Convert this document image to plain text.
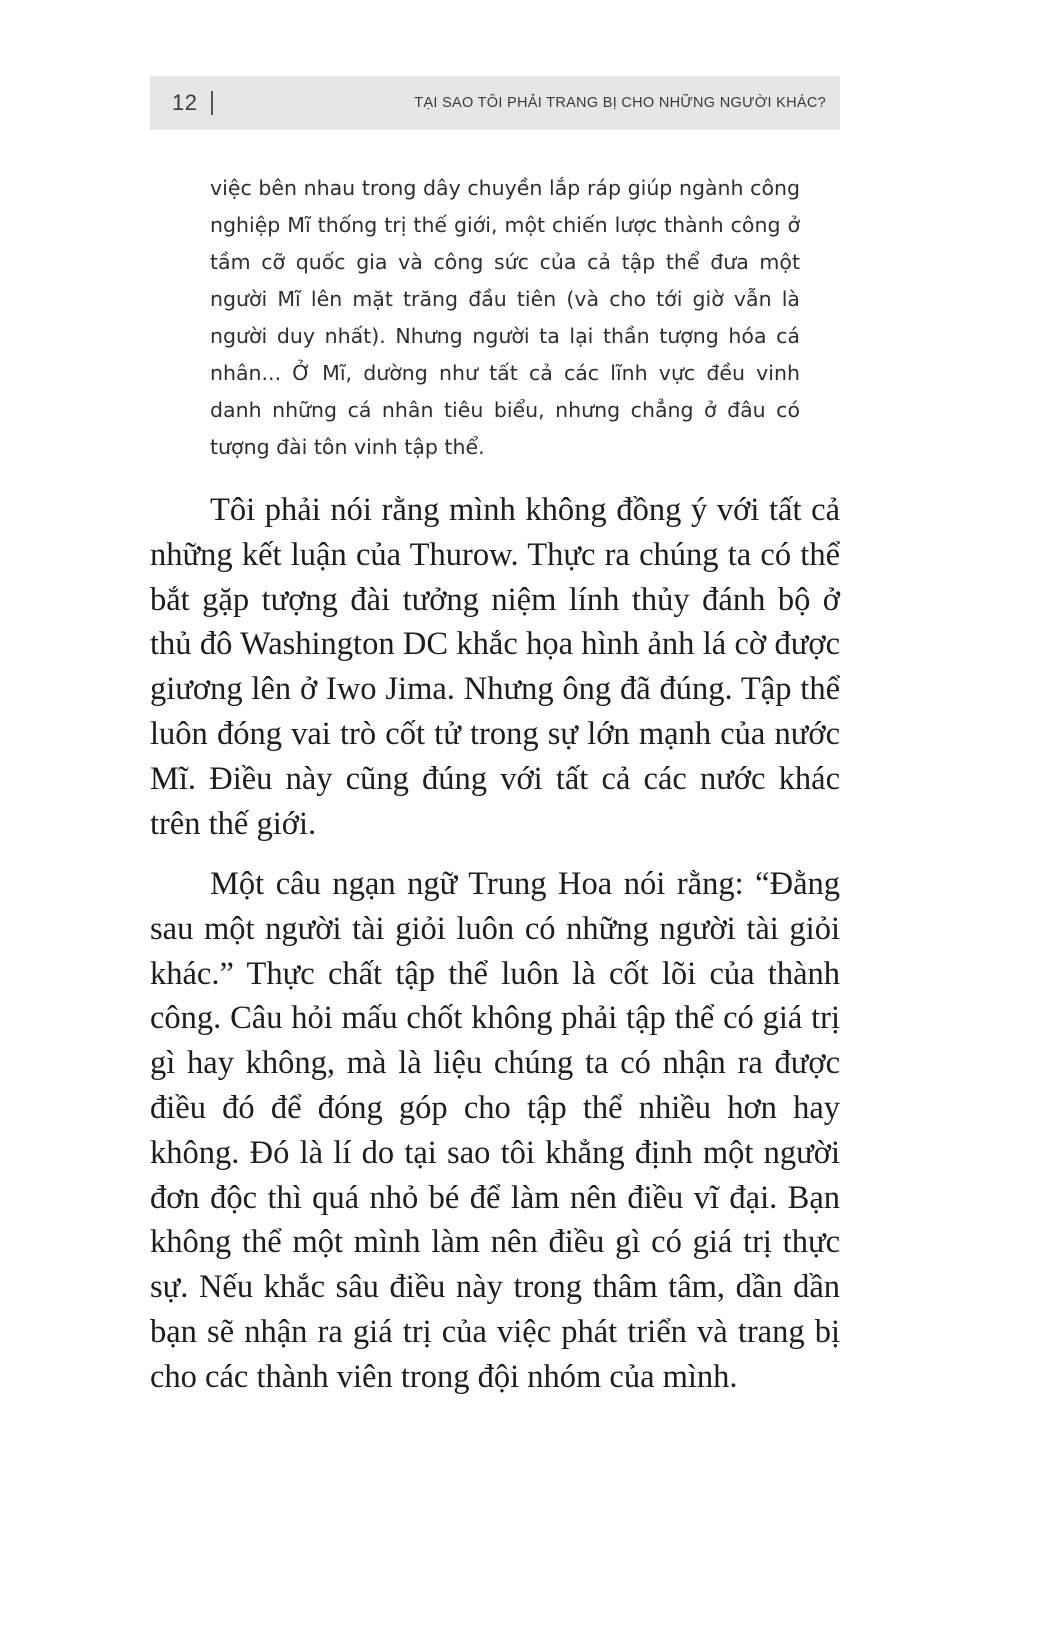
12	TẠI SAO TÔI PHẢI TRANG BỊ CHO NHỮNG NGƯỜI KHÁC?

việc bên nhau trong dây chuyền lắp ráp giúp ngành công nghiệp Mĩ thống trị thế giới, một chiến lược thành công ở tầm cỡ quốc gia và công sức của cả tập thể đưa một người Mĩ lên mặt trăng đầu tiên (và cho tới giờ vẫn là người duy nhất). Nhưng người ta lại thần tượng hóa cá nhân... Ở Mĩ, dường như tất cả các lĩnh vực đều vinh danh những cá nhân tiêu biểu, nhưng chẳng ở đâu có tượng đài tôn vinh tập thể.

Tôi phải nói rằng mình không đồng ý với tất cả những kết luận của Thurow. Thực ra chúng ta có thể bắt gặp tượng đài tưởng niệm lính thủy đánh bộ ở thủ đô Washington DC khắc họa hình ảnh lá cờ được giương lên ở Iwo Jima. Nhưng ông đã đúng. Tập thể luôn đóng vai trò cốt tử trong sự lớn mạnh của nước Mĩ. Điều này cũng đúng với tất cả các nước khác trên thế giới.

Một câu ngạn ngữ Trung Hoa nói rằng: “Đằng sau một người tài giỏi luôn có những người tài giỏi khác.” Thực chất tập thể luôn là cốt lõi của thành công. Câu hỏi mấu chốt không phải tập thể có giá trị gì hay không, mà là liệu chúng ta có nhận ra được điều đó để đóng góp cho tập thể nhiều hơn hay không. Đó là lí do tại sao tôi khẳng định một người đơn độc thì quá nhỏ bé để làm nên điều vĩ đại. Bạn không thể một mình làm nên điều gì có giá trị thực sự. Nếu khắc sâu điều này trong thâm tâm, dần dần bạn sẽ nhận ra giá trị của việc phát triển và trang bị cho các thành viên trong đội nhóm của mình.
